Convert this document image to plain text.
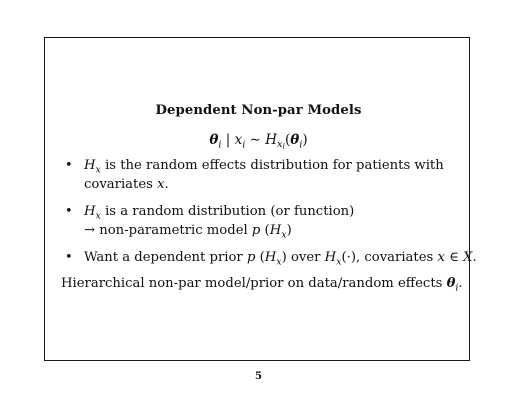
Dependent Non-par Models
$\theta_i$ | $x_i$ ∼ $H_{x_i}(\theta_i)$
• $H_x$ is the random effects distribution for patients with
covariates x.
• $H_x$ is a random distribution (or function)
→ non-parametric model p $(H_x)$
• Want a dependent prior p $(H_x)$ over $H_x(\cdot)$, covariates x ∈ X.

Hierarchical non-par model/prior on data/random effects $\theta_i$.

5
